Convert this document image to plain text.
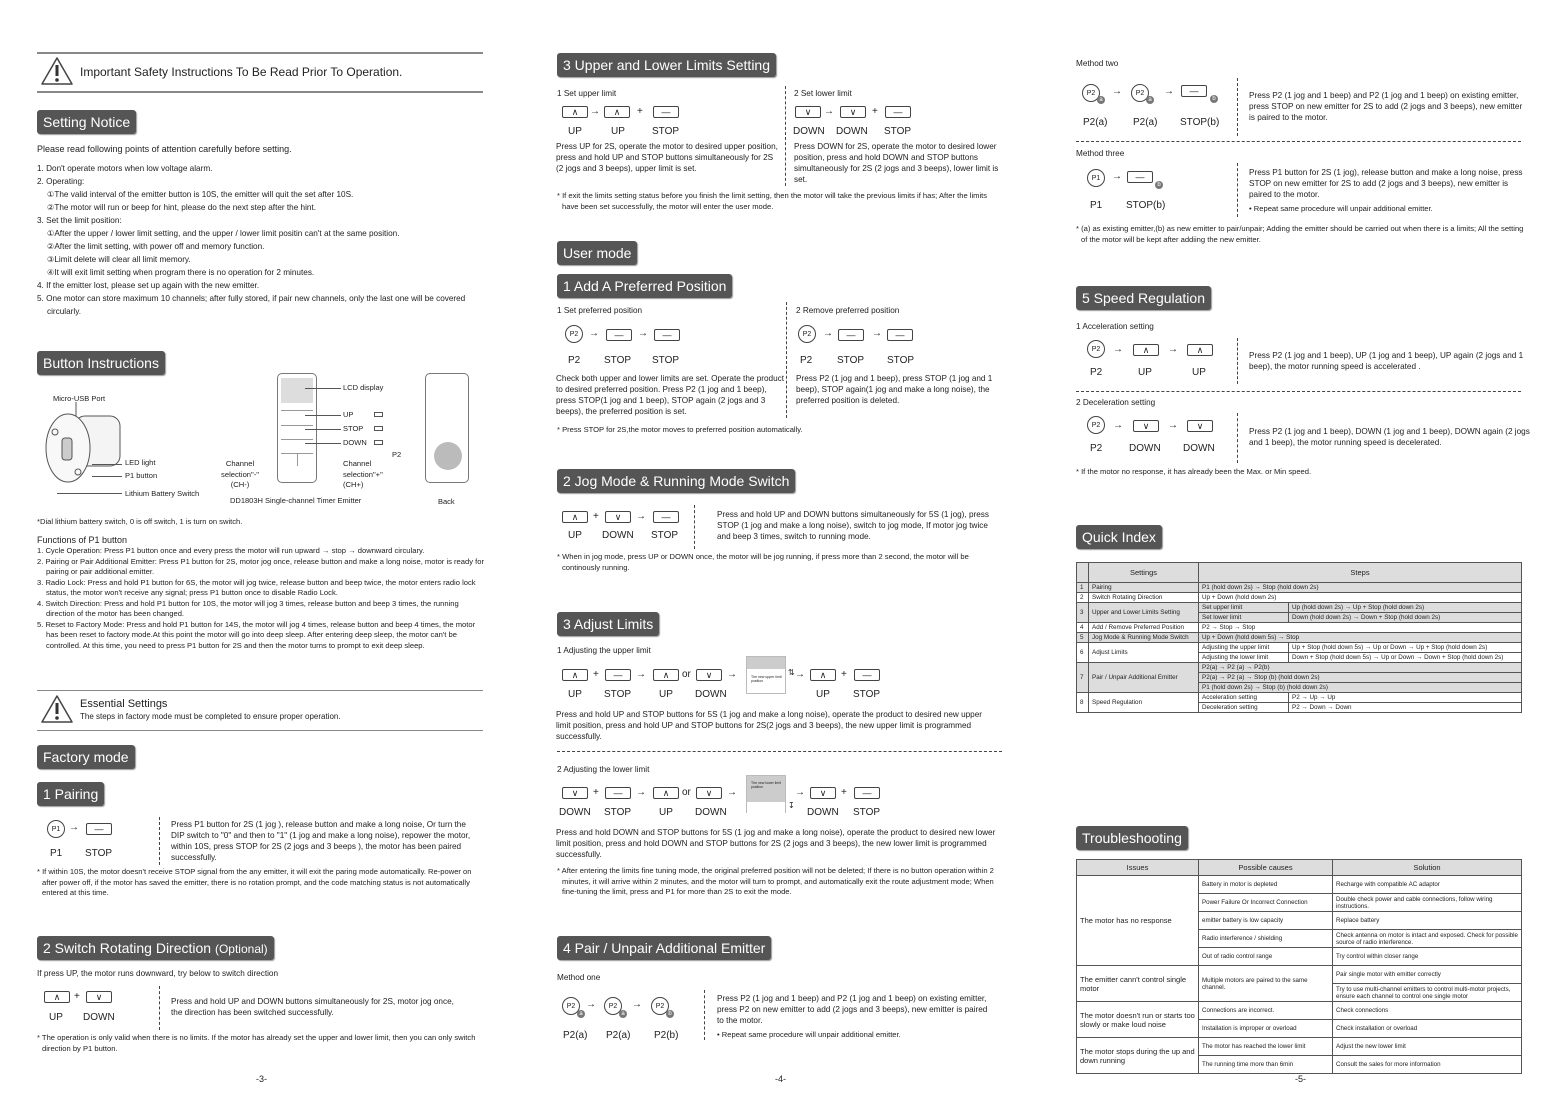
Important Safety Instructions To Be Read Prior To Operation.
Setting Notice
Please read following points of attention carefully before setting.
1. Don't operate motors when low voltage alarm.
2. Operating:
①The valid interval of the emitter button is 10S, the emitter will quit the set after 10S.
②The motor will run or beep for hint, please do the next step after the hint.
3. Set the limit position:
①After the upper / lower limit setting, and the upper / lower limit positin can't at the same position.
②After the limit setting, with power off and memory function.
③Limit delete will clear all limit memory.
④It will exit limit setting when program there is no operation for 2 minutes.
4. If the emitter lost, please set up again with the new emitter.
5. One motor can store maximum 10 channels; after fully stored, if pair new channels, only the last one will be covered circularly.
Button Instructions
Micro-USB Port
LED light
P1 button
Lithium Battery Switch
LCD display
UP
STOP
DOWN
Channel selection"-" (CH-)
Channel selection"+" (CH+)
DD1803H Single-channel Timer Emitter
P2
Back
*Dial lithium battery switch, 0 is off switch, 1 is turn on switch.
Functions of P1 button
1. Cycle Operation: Press P1 button once and every press the motor will run upward → stop → downward circulary.
2. Pairing or Pair Additional Emitter: Press P1 button for 2S, motor jog once, release button and make a long noise, motor is ready for pairing or pair additional emitter.
3. Radio Lock: Press and hold P1 button for 6S, the motor will jog twice, release button and beep twice, the motor enters radio lock status, the motor won't receive any signal; press P1 button once to disable Radio Lock.
4. Switch Direction: Press and hold P1 button for 10S, the motor will jog 3 times, release button and beep 3 times, the running direction of the motor has been changed.
5. Reset to Factory Mode: Press and hold P1 button for 14S, the motor will jog 4 times, release button and beep 4 times, the motor has been reset to factory mode.At this point the motor will go into deep sleep. After entering deep sleep, the motor can't be controlled. At this time, you need to press P1 button for 2S and then the motor turns to prompt to exit deep sleep.
Essential Settings
The steps in factory mode must be completed to ensure proper operation.
Factory mode
1 Pairing
P1 →	—
P1 STOP
Press P1 button for 2S (1 jog ), release button and make a long noise, Or turn the DIP switch to "0" and then to "1" (1 jog and make a long noise), repower the motor, within 10S, press STOP for 2S (2 jogs and 3 beeps ), the motor has been paired successfully.
* If within 10S, the motor doesn't receive STOP signal from the any emitter, it will exit the paring mode automatically. Re-power on after power off, if the motor has saved the emitter, there is no rotation prompt, and the code matching status is not automatically entered at this time.
2 Switch Rotating Direction (Optional)
If press UP, the motor runs downward, try below to switch direction
∧	+	∨
UP DOWN
Press and hold UP and DOWN buttons simultaneously for 2S, motor jog once, the direction has been switched successfully.
* The operation is only valid when there is no limits. If the motor has already set the upper and lower limit, then you can only switch direction by P1 button.
-3-
3 Upper and Lower Limits Setting
1 Set upper limit
∧	→	∧	+	—
UP	UP	STOP
Press UP for 2S, operate the motor to desired upper position, press and hold UP and STOP buttons simultaneously for 2S (2 jogs and 3 beeps), upper limit is set.
2 Set lower limit
∨	→	∨	+	—
DOWN DOWN STOP
Press DOWN for 2S, operate the motor to desired lower position, press and hold DOWN and STOP buttons simultaneously for 2S (2 jogs and 3 beeps), lower limit is set.
* If exit the limits setting status before you finish the limit setting, then the motor will take the previous limits if has; After the limits have been set successfully, the motor will enter the user mode.
User mode
1 Add A Preferred Position
1 Set preferred position
P2	→	—	→	—
P2 STOP STOP
Check both upper and lower limits are set. Operate the product to desired preferred position. Press P2 (1 jog and 1 beep), press STOP(1 jog and 1 beep), STOP again (2 jogs and 3 beeps), the preferred position is set.
2 Remove preferred position
P2	→	—	→	—
P2 STOP STOP
Press P2 (1 jog and 1 beep), press STOP (1 jog and 1 beep), STOP again(1 jog and make a long noise), the preferred position is deleted.
* Press STOP for 2S,the motor moves to preferred position automatically.
2 Jog Mode & Running Mode Switch
∧	+	∨	→	—
UP DOWN STOP
Press and hold UP and DOWN buttons simultaneously for 5S (1 jog), press STOP (1 jog and make a long noise), switch to jog mode, If motor jog twice and beep 3 times, switch to running mode.
* When in jog mode, press UP or DOWN once, the motor will be jog running, if press more than 2 second, the motor will be continously running.
3 Adjust Limits
1 Adjusting the upper limit
∧	+	—	→	∧	or	∨	→	The new upper limit position
⇅ →	∧	+	—
UP STOP	UP DOWN	UP STOP
Press and hold UP and STOP buttons for 5S (1 jog and make a long noise), operate the product to desired new upper limit position, press and hold UP and STOP buttons for 2S(2 jogs and 3 beeps), the new upper limit is programmed successfully.
2 Adjusting the lower limit
∨	+	—	→	∧	or	∨	→
The new lower limit position
↧
→	∨	+	—
DOWN STOP	UP DOWN	DOWN STOP
Press and hold DOWN and STOP buttons for 5S (1 jog and make a long noise), operate the product to desired new lower limit position, press and hold DOWN and STOP buttons for 2S (2 jogs and 3 beeps), the new lower limit is programmed successfully.
* After entering the limits fine tuning mode, the original preferred position will not be deleted; If there is no button operation within 2 minutes, it will arrive within 2 minutes, and the motor will turn to prompt, and automatically exit the route adjustment mode; When fine-tuning the limit, press and P1 for more than 2S to exit the mode.
4 Pair / Unpair Additional Emitter
Method one
P2
a
→	P2
a
→	P2
b
P2(a) P2(a) P2(b)
Press P2 (1 jog and 1 beep) and P2 (1 jog and 1 beep) on existing emitter, press P2 on new emitter to add (2 jogs and 3 beeps), new emitter is paired to the motor.
• Repeat same procedure will unpair additional emitter.
-4-
Method two
P2
a
→	P2
a
→	—
b
P2(a)	P2(a) STOP(b)
Press P2 (1 jog and 1 beep) and P2 (1 jog and 1 beep) on existing emitter, press STOP on new emitter for 2S to add (2 jogs and 3 beeps), new emitter is paired to the motor.
Method three
P1	→	—
b
P1 STOP(b)
Press P1 button for 2S (1 jog), release button and make a long noise, press STOP on new emitter for 2S to add (2 jogs and 3 beeps), new emitter is paired to the motor.
• Repeat same procedure will unpair additional emitter.
* (a) as existing emitter,(b) as new emitter to pair/unpair; Adding the emitter should be carried out when there is a limits; All the setting of the motor will be kept after addiing the new emitter.
5 Speed Regulation
1 Acceleration setting
P2	→	∧	→	∧
P2	UP	UP
Press P2 (1 jog and 1 beep), UP (1 jog and 1 beep), UP again (2 jogs and 1 beep), the motor running speed is accelerated .
2 Deceleration setting
P2	→	∨	→	∨
P2	DOWN DOWN
Press P2 (1 jog and 1 beep), DOWN (1 jog and 1 beep), DOWN again (2 jogs and 1 beep), the motor running speed is decelerated.
* If the motor no response, it has already been the Max. or Min speed.
Quick Index
	Settings	Steps	
1	Pairing	P1 (hold down 2s) → Stop (hold down 2s)	
2	Switch Rotating Direction	Up + Down (hold down 2s)	
3	Upper and Lower Limits Setting	Set upper limit	Up (hold down 2s) → Up + Stop (hold down 2s)
		Set lower limit	Down (hold down 2s) → Down + Stop (hold down 2s)
4	Add / Remove Preferred Position	P2 → Stop → Stop	
5	Jog Mode & Running Mode Switch	Up + Down (hold down 5s) → Stop	
6	Adjust Limits	Adjusting the upper limit	Up + Stop (hold down 5s) → Up or Down → Up + Stop (hold down 2s)
		Adjusting the lower limit	Down + Stop (hold down 5s) → Up or Down → Down + Stop (hold down 2s)
7	Pair / Unpair Additional Emitter	P2(a) → P2 (a) → P2(b)	
		P2(a) → P2 (a) → Stop (b) (hold down 2s)	
		P1 (hold down 2s) → Stop (b) (hold down 2s)	
8	Speed Regulation	Acceleration setting	P2 → Up → Up
		Deceleration setting	P2 → Down → Down
Troubleshooting
Issues	Possible causes	Solution
The motor has no response	Battery in motor is depleted	Recharge with compatible AC adaptor
	Power Failure Or Incorrect Connection	Double check power and cable connections, follow wiring instructions.
	emitter battery is low capacity	Replace battery
	Radio interference / shielding	Check antenna on motor is intact and exposed. Check for possible source of radio interference.
	Out of radio control range	Try control within closer range
The emitter cann't control single motor	Multiple motors are paired to the same channel.	Pair single motor with emitter correctly
		Try to use multi-channel emitters to control multi-motor projects, ensure each channel to control one single motor
The motor doesn't run or starts too slowly or make loud noise	Connections are incorrect.	Check connections
	Installation is improper or overload	Check installation or overload
The motor stops during the up and down running	The motor has reached the lower limit	Adjust the new lower limit
	The running time more than 6min	Consult the sales for more information
-5-
